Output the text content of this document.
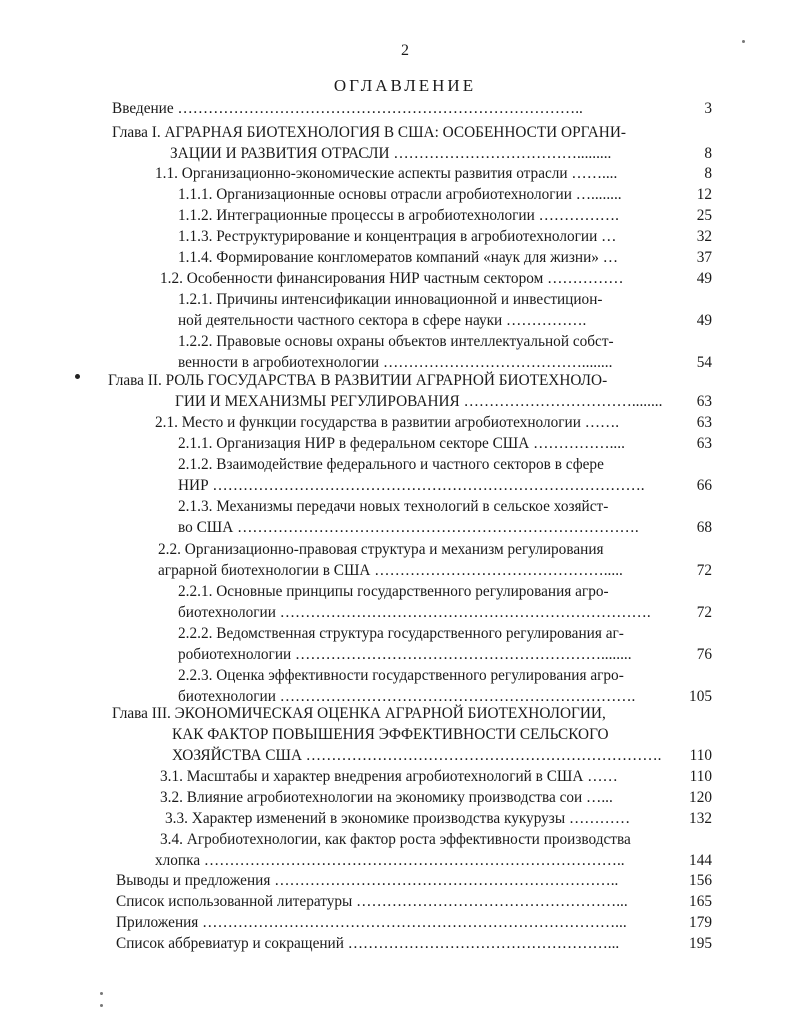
2
ОГЛАВЛЕНИЕ
Введение ……………………………………………………………………..	3
Глава I. АГРАРНАЯ БИОТЕХНОЛОГИЯ В США: ОСОБЕННОСТИ ОРГАНИ-
ЗАЦИИ И РАЗВИТИЯ ОТРАСЛИ ……………………………….........	8
1.1. Организационно-экономические аспекты развития отрасли ……....	8
1.1.1. Организационные основы отрасли агробиотехнологии …........	12
1.1.2. Интеграционные процессы в агробиотехнологии …………….	25
1.1.3. Реструктурирование и концентрация в агробиотехнологии …	32
1.1.4. Формирование конгломератов компаний «наук для жизни» …	37
1.2. Особенности финансирования НИР частным сектором ……………	49
1.2.1. Причины интенсификации инновационной и инвестицион-
ной деятельности частного сектора в сфере науки …………….	49
1.2.2. Правовые основы охраны объектов интеллектуальной собст-
венности в агробиотехнологии …………………………………........	54
Глава II. РОЛЬ ГОСУДАРСТВА В РАЗВИТИИ АГРАРНОЙ БИОТЕХНОЛО-
ГИИ И МЕХАНИЗМЫ РЕГУЛИРОВАНИЯ ……………………………........	63
2.1. Место и функции государства в развитии агробиотехнологии …….	63
2.1.1. Организация НИР в федеральном секторе США ……………....	63
2.1.2. Взаимодействие федерального и частного секторов в сфере
НИР ………………………………………………………………………….	66
2.1.3. Механизмы передачи новых технологий в сельское хозяйст-
во США …………………………………………………………………….	68
2.2. Организационно-правовая структура и механизм регулирования
аграрной биотехнологии в США ……………………………………….....	72
2.2.1. Основные принципы государственного регулирования агро-
биотехнологии ……………………………………………………………….	72
2.2.2. Ведомственная структура государственного регулирования аг-
робиотехнологии ……………………………………………………........	76
2.2.3. Оценка эффективности государственного регулирования агро-
биотехнологии …………………………………………………………….	105
Глава III. ЭКОНОМИЧЕСКАЯ ОЦЕНКА АГРАРНОЙ БИОТЕХНОЛОГИИ,
КАК ФАКТОР ПОВЫШЕНИЯ ЭФФЕКТИВНОСТИ СЕЛЬСКОГО
ХОЗЯЙСТВА США …………………………………………………………….	110
3.1. Масштабы и характер внедрения агробиотехнологий в США ……	110
3.2. Влияние агробиотехнологии на экономику производства сои …...	120
3.3. Характер изменений в экономике производства кукурузы …………	132
3.4. Агробиотехнологии, как фактор роста эффективности производства
хлопка ………………………………………………………………………..	144
Выводы и предложения …………………………………………………………..	156
Список использованной литературы ……………………………………………...	165
Приложения ………………………………………………………………………...	179
Список аббревиатур и сокращений ……………………………………………...	195
